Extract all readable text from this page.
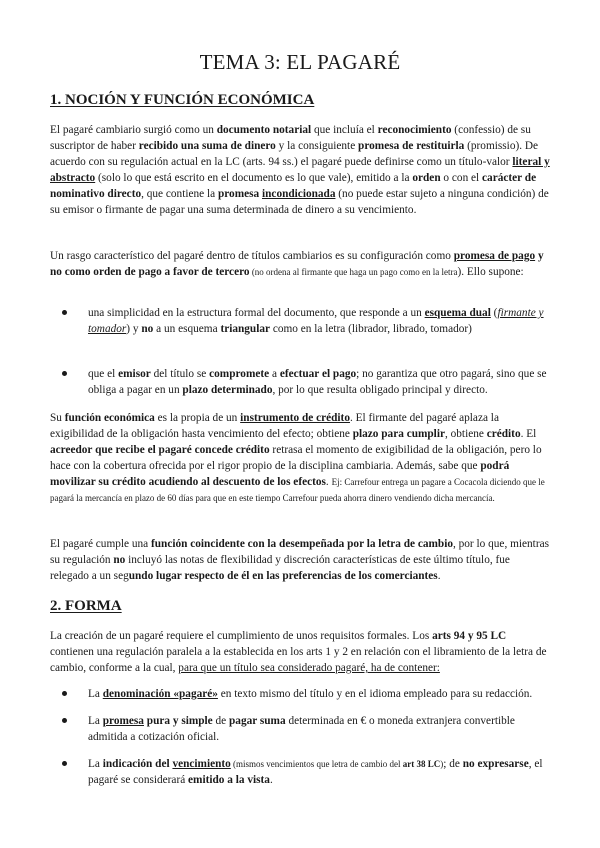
TEMA 3: EL PAGARÉ
1. NOCIÓN Y FUNCIÓN ECONÓMICA
El pagaré cambiario surgió como un documento notarial que incluía el reconocimiento (confessio) de su suscriptor de haber recibido una suma de dinero y la consiguiente promesa de restituirla (promissio). De acuerdo con su regulación actual en la LC (arts. 94 ss.) el pagaré puede definirse como un título-valor literal y abstracto (solo lo que está escrito en el documento es lo que vale), emitido a la orden o con el carácter de nominativo directo, que contiene la promesa incondicionada (no puede estar sujeto a ninguna condición) de su emisor o firmante de pagar una suma determinada de dinero a su vencimiento.
Un rasgo característico del pagaré dentro de títulos cambiarios es su configuración como promesa de pago y no como orden de pago a favor de tercero (no ordena al firmante que haga un pago como en la letra). Ello supone:
una simplicidad en la estructura formal del documento, que responde a un esquema dual (firmante y tomador) y no a un esquema triangular como en la letra (librador, librado, tomador)
que el emisor del título se compromete a efectuar el pago; no garantiza que otro pagará, sino que se obliga a pagar en un plazo determinado, por lo que resulta obligado principal y directo.
Su función económica es la propia de un instrumento de crédito. El firmante del pagaré aplaza la exigibilidad de la obligación hasta vencimiento del efecto; obtiene plazo para cumplir, obtiene crédito. El acreedor que recibe el pagaré concede crédito retrasa el momento de exigibilidad de la obligación, pero lo hace con la cobertura ofrecida por el rigor propio de la disciplina cambiaria. Además, sabe que podrá movilizar su crédito acudiendo al descuento de los efectos. Ej: Carrefour entrega un pagare a Cocacola diciendo que le pagará la mercancía en plazo de 60 días para que en este tiempo Carrefour pueda ahorra dinero vendiendo dicha mercancía.
El pagaré cumple una función coincidente con la desempeñada por la letra de cambio, por lo que, mientras su regulación no incluyó las notas de flexibilidad y discreción características de este último título, fue relegado a un segundo lugar respecto de él en las preferencias de los comerciantes.
2. FORMA
La creación de un pagaré requiere el cumplimiento de unos requisitos formales. Los arts 94 y 95 LC contienen una regulación paralela a la establecida en los arts 1 y 2 en relación con el libramiento de la letra de cambio, conforme a la cual, para que un título sea considerado pagaré, ha de contener:
La denominación «pagaré» en texto mismo del título y en el idioma empleado para su redacción.
La promesa pura y simple de pagar suma determinada en € o moneda extranjera convertible admitida a cotización oficial.
La indicación del vencimiento (mismos vencimientos que letra de cambio del art 38 LC); de no expresarse, el pagaré se considerará emitido a la vista.
